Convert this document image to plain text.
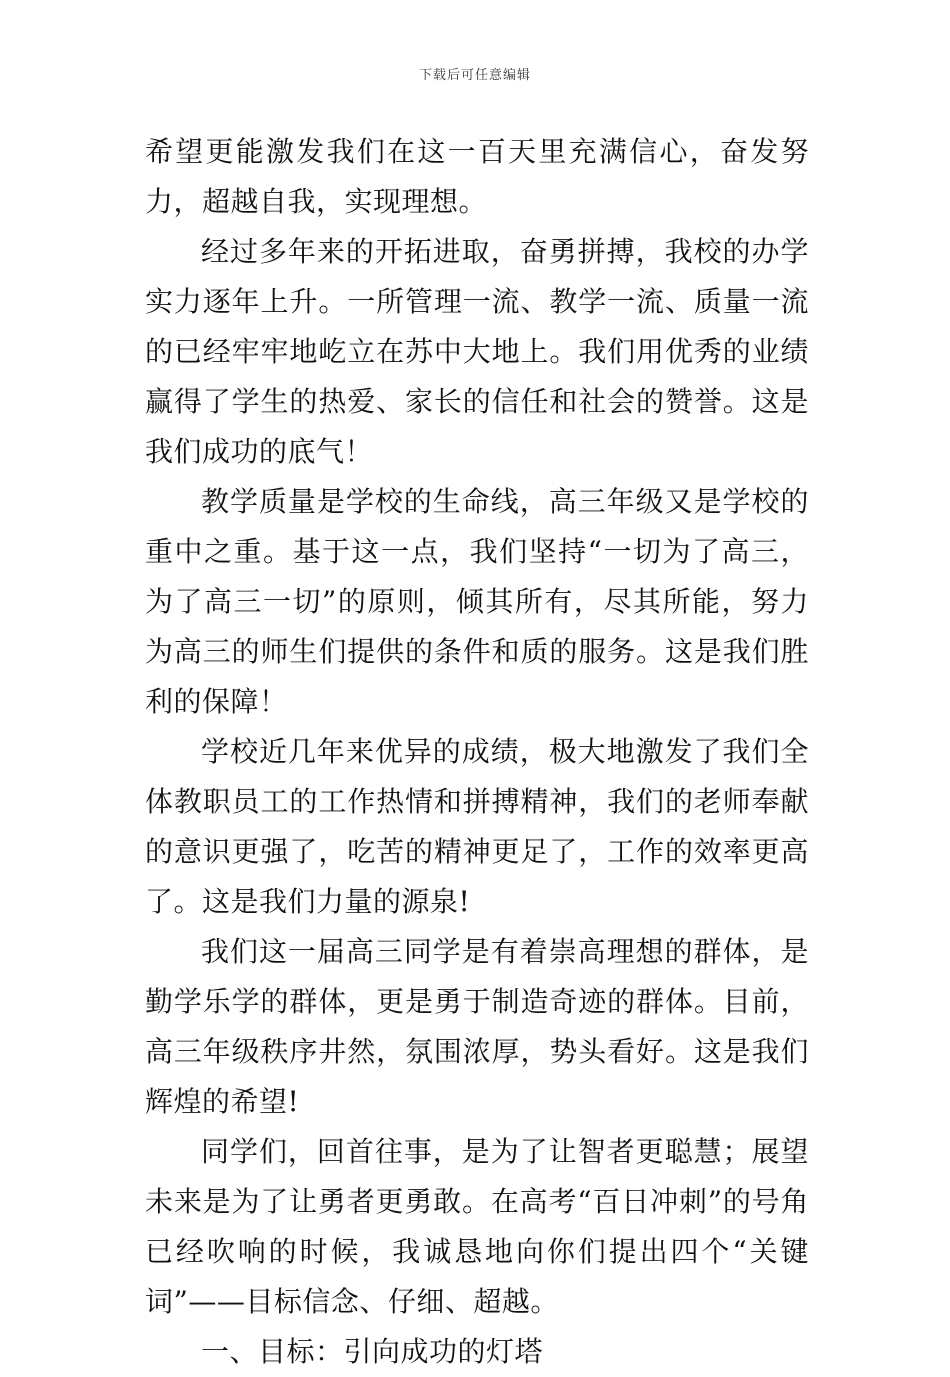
下载后可任意编辑

希望更能激发我们在这一百天里充满信心，奋发努力，超越自我，实现理想。

经过多年来的开拓进取，奋勇拼搏，我校的办学实力逐年上升。一所管理一流、教学一流、质量一流的已经牢牢地屹立在苏中大地上。我们用优秀的业绩赢得了学生的热爱、家长的信任和社会的赞誉。这是我们成功的底气！

教学质量是学校的生命线，高三年级又是学校的重中之重。基于这一点，我们坚持“一切为了高三，为了高三一切”的原则，倾其所有，尽其所能，努力为高三的师生们提供的条件和质的服务。这是我们胜利的保障！

学校近几年来优异的成绩，极大地激发了我们全体教职员工的工作热情和拼搏精神，我们的老师奉献的意识更强了，吃苦的精神更足了，工作的效率更高了。这是我们力量的源泉!

我们这一届高三同学是有着崇高理想的群体，是勤学乐学的群体，更是勇于制造奇迹的群体。目前，高三年级秩序井然，氛围浓厚，势头看好。这是我们辉煌的希望!

同学们，回首往事，是为了让智者更聪慧；展望未来是为了让勇者更勇敢。在高考“百日冲刺”的号角已经吹响的时候，我诚恳地向你们提出四个“关键词”——目标信念、仔细、超越。

一、目标：引向成功的灯塔
